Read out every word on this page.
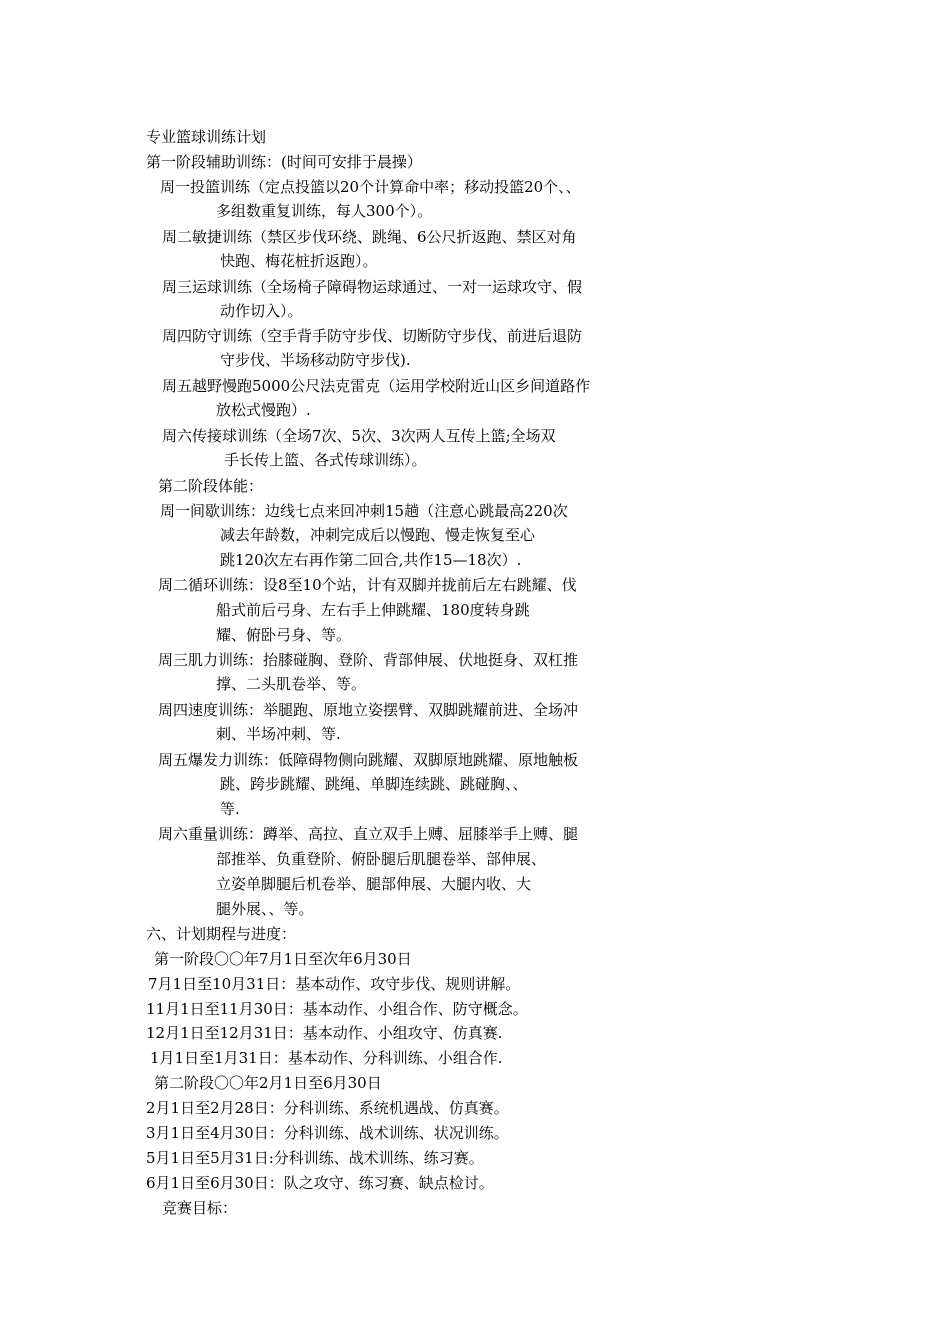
专业篮球训练计划
第一阶段辅助训练：(时间可安排于晨操）
周一投篮训练（定点投篮以20个计算命中率；移动投篮20个、、
多组数重复训练，每人300个）。
周二敏捷训练（禁区步伐环绕、跳绳、6公尺折返跑、禁区对角
快跑、梅花桩折返跑）。
周三运球训练（全场椅子障碍物运球通过、一对一运球攻守、假
动作切入）。
周四防守训练（空手背手防守步伐、切断防守步伐、前进后退防
守步伐、半场移动防守步伐).
周五越野慢跑5000公尺法克雷克（运用学校附近山区乡间道路作
放松式慢跑）.
周六传接球训练（全场7次、5次、3次两人互传上篮;全场双
手长传上篮、各式传球训练）。
第二阶段体能：
周一间歇训练：边线七点来回冲刺15趟（注意心跳最高220次
减去年龄数，冲刺完成后以慢跑、慢走恢复至心
跳120次左右再作第二回合,共作15—18次）.
周二循环训练：设8至10个站，计有双脚并拢前后左右跳耀、伐
船式前后弓身、左右手上伸跳耀、180度转身跳
耀、俯卧弓身、等。
周三肌力训练：抬膝碰胸、登阶、背部伸展、伏地挺身、双杠推
撑、二头肌卷举、等。
周四速度训练：举腿跑、原地立姿摆臂、双脚跳耀前进、全场冲
刺、半场冲刺、等.
周五爆发力训练：低障碍物侧向跳耀、双脚原地跳耀、原地触板
跳、跨步跳耀、跳绳、单脚连续跳、跳碰胸、、
等.
周六重量训练：蹲举、高拉、直立双手上赙、屈膝举手上赙、腿
部推举、负重登阶、俯卧腿后肌腿卷举、部伸展、
立姿单脚腿后机卷举、腿部伸展、大腿内收、大
腿外展、、等。
六、计划期程与进度：
第一阶段〇〇年7月1日至次年6月30日
7月1日至10月31日：基本动作、攻守步伐、规则讲解。
11月1日至11月30日：基本动作、小组合作、防守概念。
12月1日至12月31日：基本动作、小组攻守、仿真赛.
1月1日至1月31日：基本动作、分科训练、小组合作.
第二阶段〇〇年2月1日至6月30日
2月1日至2月28日：分科训练、系统机遇战、仿真赛。
3月1日至4月30日：分科训练、战术训练、状况训练。
5月1日至5月31日:分科训练、战术训练、练习赛。
6月1日至6月30日：队之攻守、练习赛、缺点检讨。
竞赛目标：
